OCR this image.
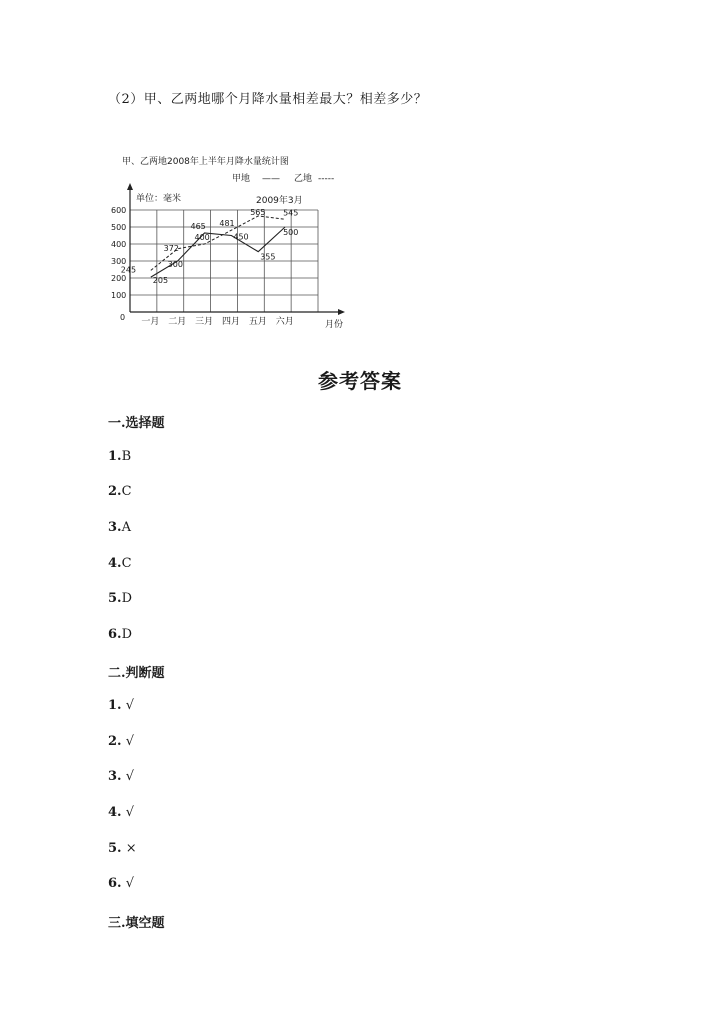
（2）甲、乙两地哪个月降水量相差最大？相差多少？
甲、乙两地2008年上半年月降水量统计图
甲地 —— 乙地 -----
单位：毫米	2009年3月
月份
0
100
200
300
400
500
600
一月 二月 三月 四月 五月 六月
205
300
465
450
355
500
245
372
400
481
565 545
参考答案
一.选择题
1.B
2.C
3.A
4.C
5.D
6.D
二.判断题
1. √
2. √
3. √
4. √
5. ×
6. √
三.填空题
